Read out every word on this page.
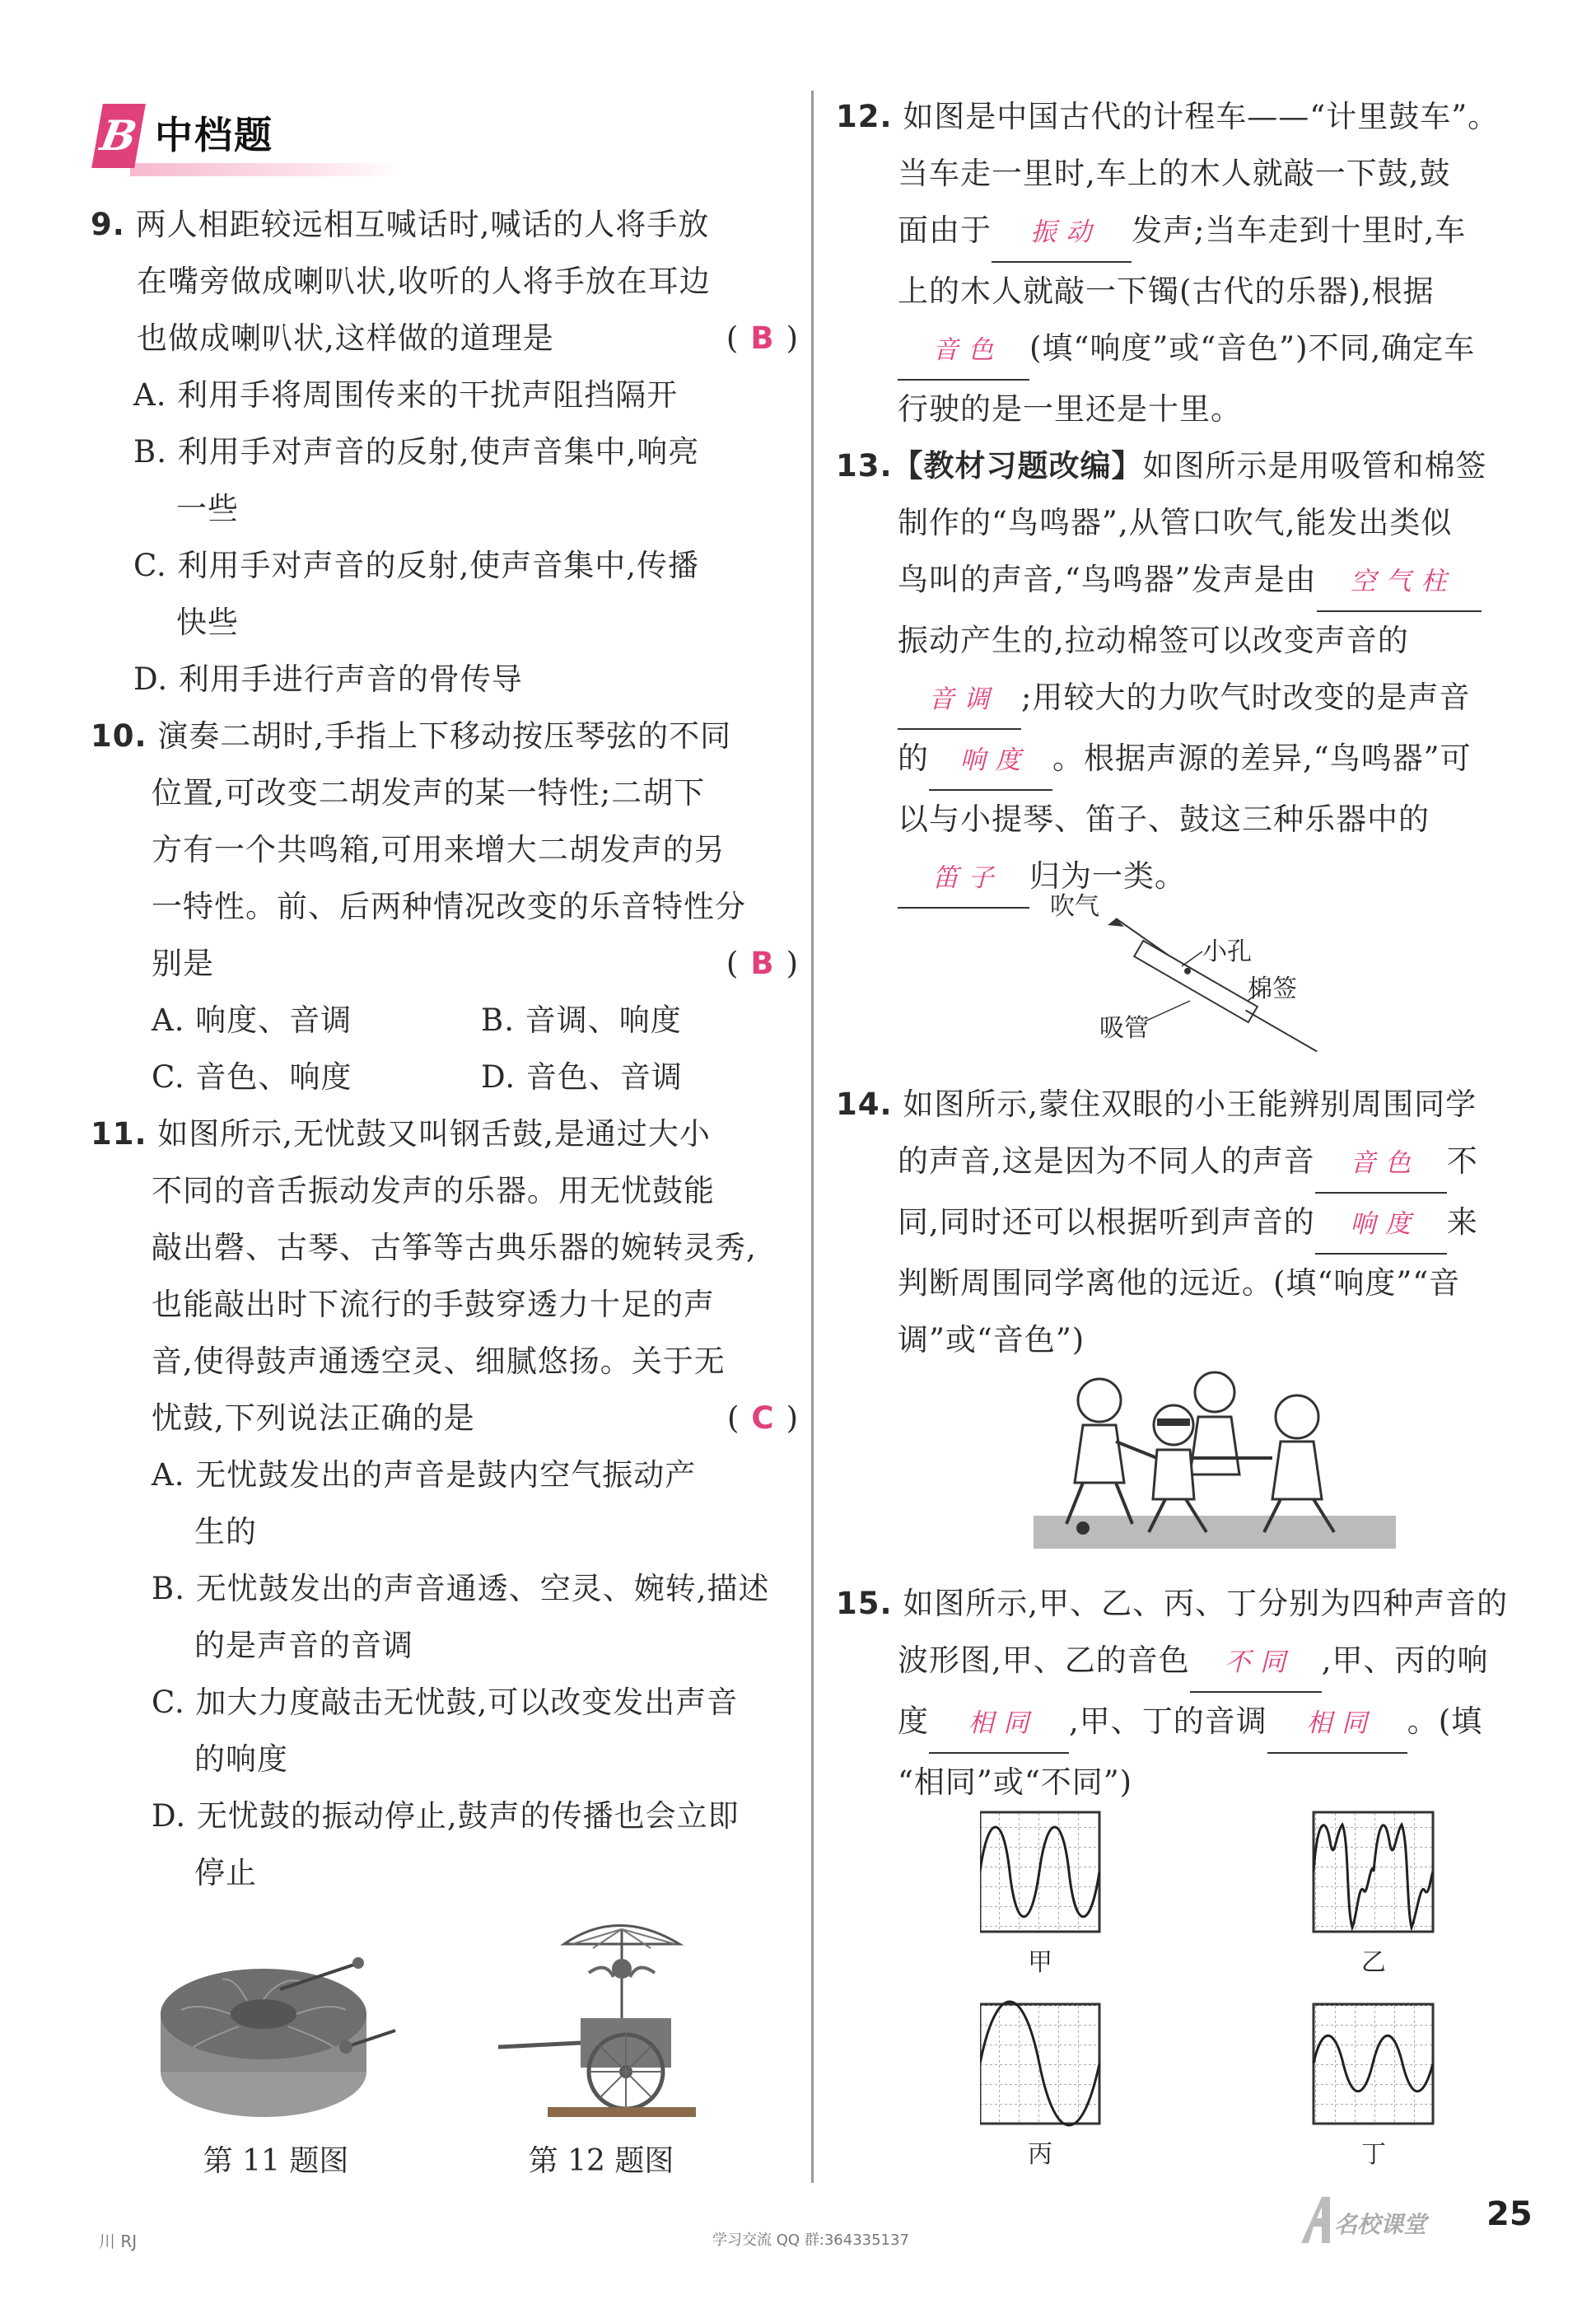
B 中档题
9. 两人相距较远相互喊话时,喊话的人将手放
在嘴旁做成喇叭状,收听的人将手放在耳边
也做成喇叭状,这样做的道理是	( B )
A. 利用手将周围传来的干扰声阻挡隔开
B. 利用手对声音的反射,使声音集中,响亮
一些
C. 利用手对声音的反射,使声音集中,传播
快些
D. 利用手进行声音的骨传导
10. 演奏二胡时,手指上下移动按压琴弦的不同
位置,可改变二胡发声的某一特性;二胡下
方有一个共鸣箱,可用来增大二胡发声的另
一特性。前、后两种情况改变的乐音特性分
别是	( B )
A. 响度、音调	B. 音调、响度
C. 音色、响度	D. 音色、音调
11. 如图所示,无忧鼓又叫钢舌鼓,是通过大小
不同的音舌振动发声的乐器。用无忧鼓能
敲出磬、古琴、古筝等古典乐器的婉转灵秀,
也能敲出时下流行的手鼓穿透力十足的声
音,使得鼓声通透空灵、细腻悠扬。关于无
忧鼓,下列说法正确的是	( C )
A. 无忧鼓发出的声音是鼓内空气振动产
生的
B. 无忧鼓发出的声音通透、空灵、婉转,描述
的是声音的音调
C. 加大力度敲击无忧鼓,可以改变发出声音
的响度
D. 无忧鼓的振动停止,鼓声的传播也会立即
停止
第 11 题图	第 12 题图
12. 如图是中国古代的计程车——“计里鼓车”。
当车走一里时,车上的木人就敲一下鼓,鼓
面由于 振 动 发声;当车走到十里时,车
上的木人就敲一下镯(古代的乐器),根据
音 色 (填“响度”或“音色”)不同,确定车
行驶的是一里还是十里。
13.【教材习题改编】如图所示是用吸管和棉签
制作的“鸟鸣器”,从管口吹气,能发出类似
鸟叫的声音,“鸟鸣器”发声是由 空 气 柱
振动产生的,拉动棉签可以改变声音的
音 调 ;用较大的力吹气时改变的是声音
的 响 度 。根据声源的差异,“鸟鸣器”可
以与小提琴、笛子、鼓这三种乐器中的
笛 子 归为一类。
吹气
小孔
棉签
吸管
14. 如图所示,蒙住双眼的小王能辨别周围同学
的声音,这是因为不同人的声音 音 色 不
同,同时还可以根据听到声音的 响 度 来
判断周围同学离他的远近。(填“响度”“音
调”或“音色”)
15. 如图所示,甲、乙、丙、丁分别为四种声音的
波形图,甲、乙的音色 不 同 ,甲、丙的响
度 相 同 ,甲、丁的音调 相 同 。(填
“相同”或“不同”)
甲	乙
丙	丁
川 RJ	学习交流 QQ 群:364335137
名校课堂 25
